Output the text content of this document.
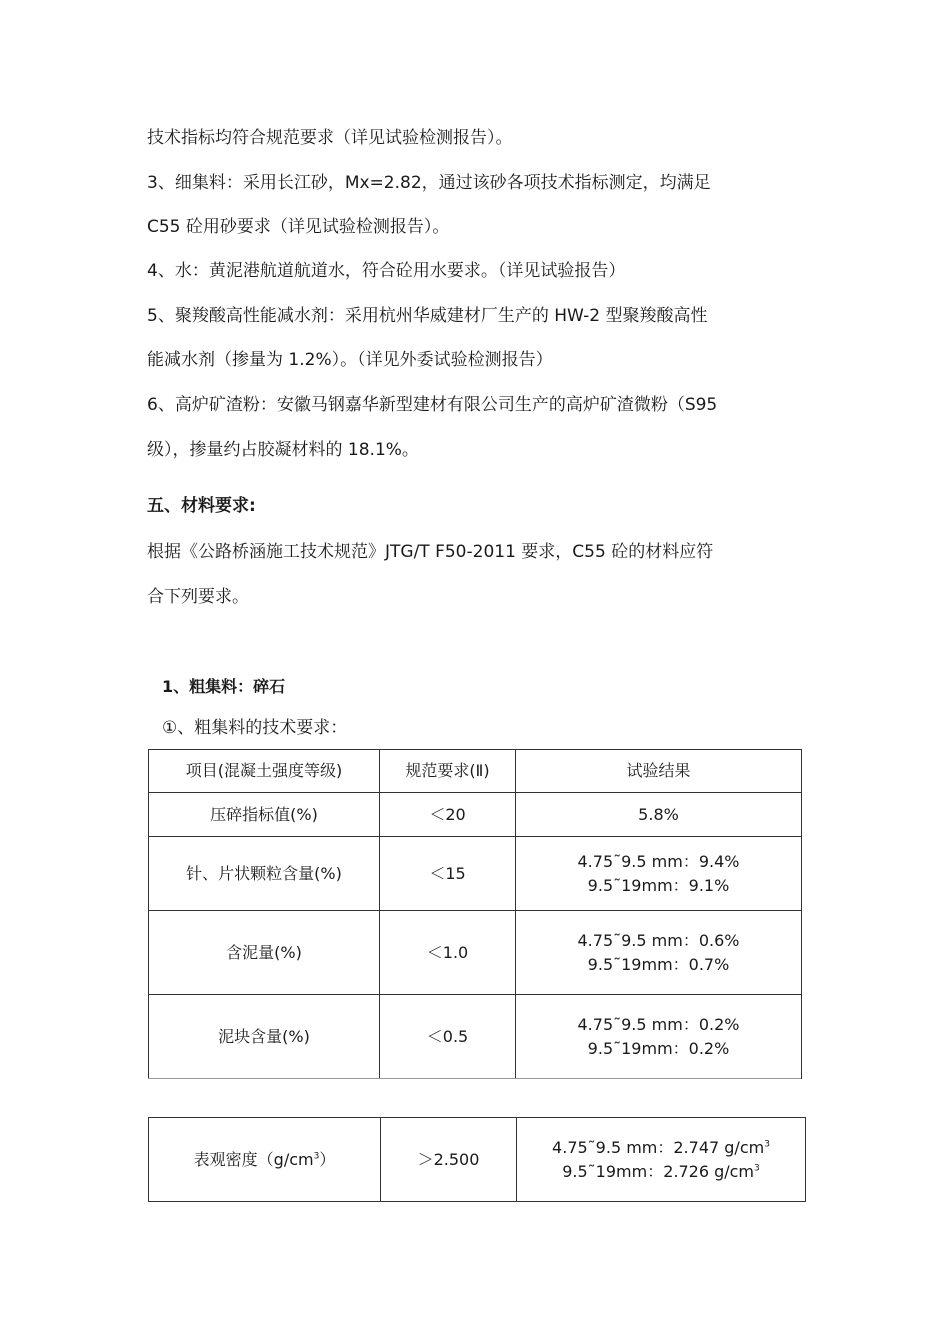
技术指标均符合规范要求（详见试验检测报告）。
3、细集料：采用长江砂，Mx=2.82，通过该砂各项技术指标测定，均满足
C55 砼用砂要求（详见试验检测报告）。
4、水：黄泥港航道航道水，符合砼用水要求。（详见试验报告）
5、聚羧酸高性能减水剂：采用杭州华威建材厂生产的 HW-2 型聚羧酸高性
能减水剂（掺量为 1.2%）。（详见外委试验检测报告）
6、高炉矿渣粉：安徽马钢嘉华新型建材有限公司生产的高炉矿渣微粉（S95
级），掺量约占胶凝材料的 18.1%。
五、材料要求:
根据《公路桥涵施工技术规范》JTG/T F50-2011 要求，C55 砼的材料应符
合下列要求。
1、粗集料：碎石
①、粗集料的技术要求：
项目(混凝土强度等级)	规范要求(Ⅱ)	试验结果
压碎指标值(%)	＜20	5.8%
针、片状颗粒含量(%)	＜15	4.75˜9.5 mm：9.4%
9.5˜19mm：9.1%

含泥量(%)	＜1.0	4.75˜9.5 mm：0.6%
9.5˜19mm：0.7%

泥块含量(%)	＜0.5	4.75˜9.5 mm：0.2%
9.5˜19mm：0.2%
表观密度$(g/cm^3)$	＞2.500	
4.75˜9.5 mm：2.747 $g/cm^3$
9.5˜19mm：2.726 $g/cm^3$
